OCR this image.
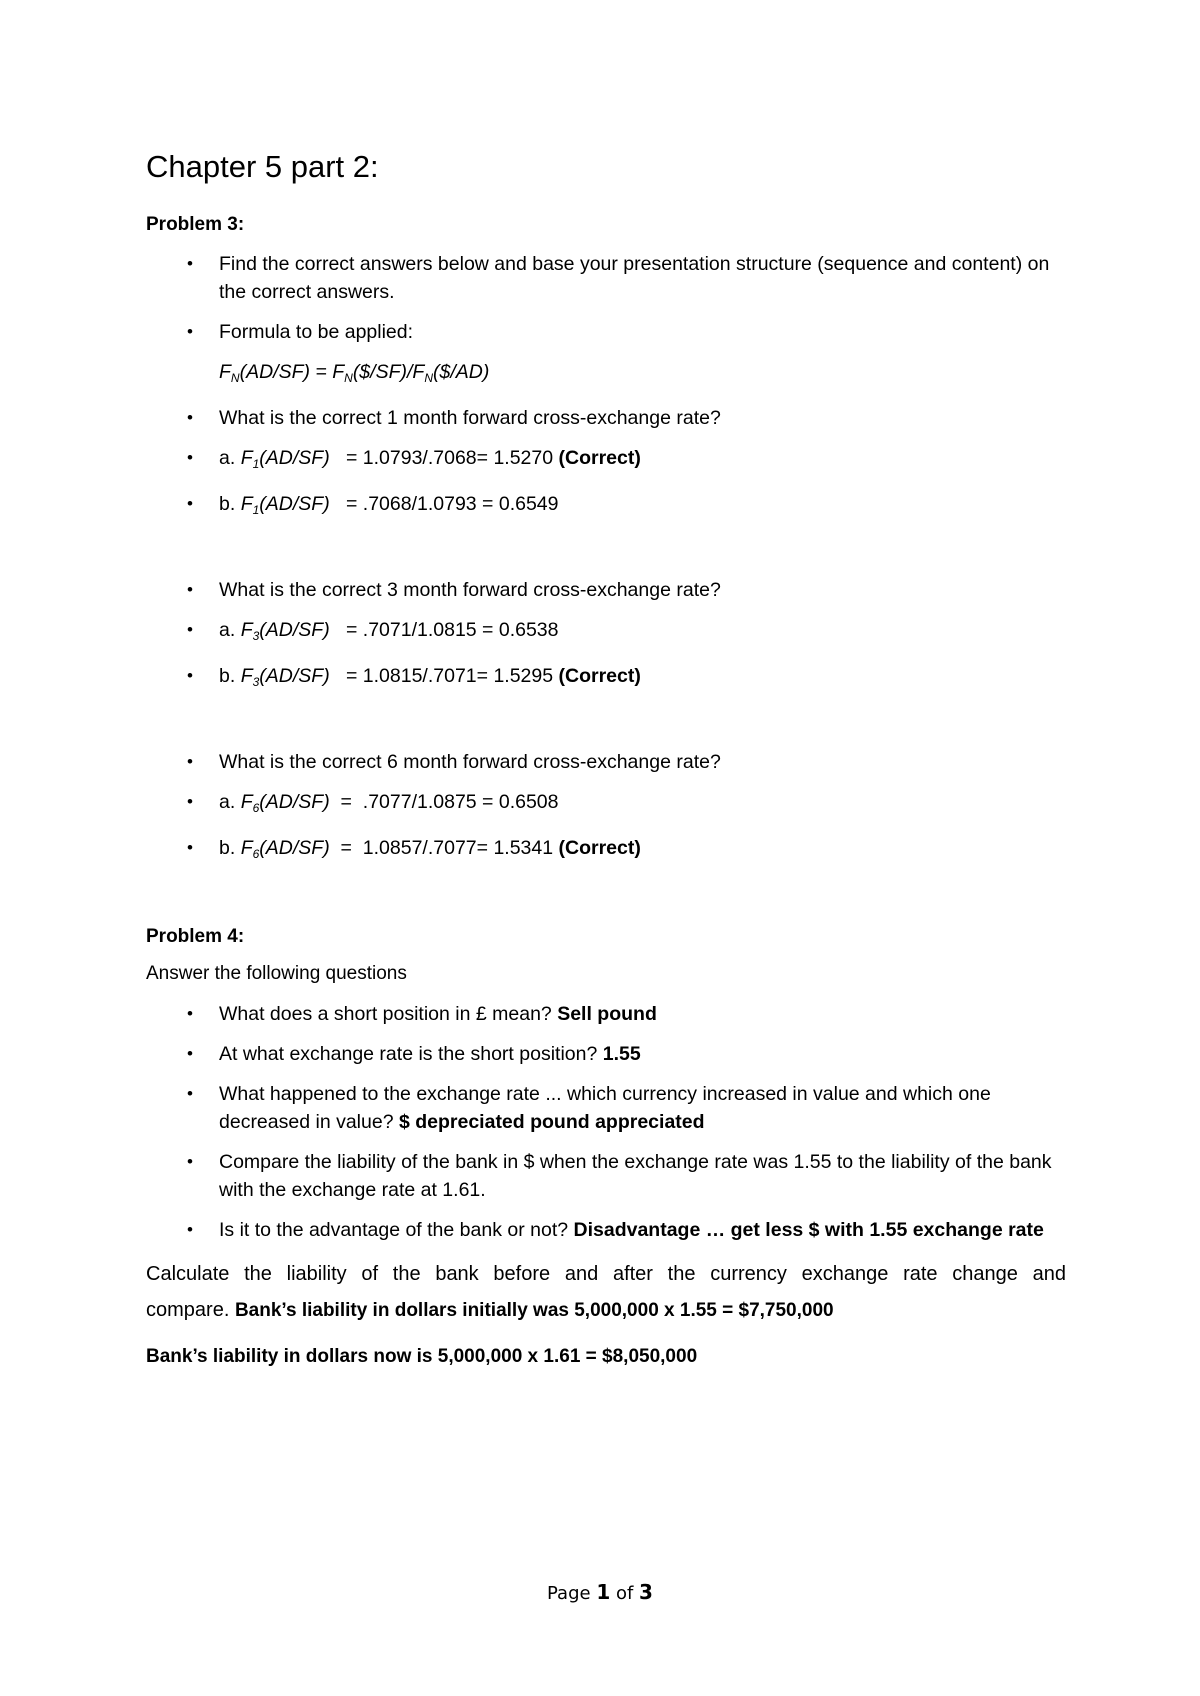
Chapter 5 part 2:

Problem 3:

• Find the correct answers below and base your presentation structure (sequence and content) on the correct answers.
• Formula to be applied:
$F_N(AD/SF)$ = $F_N(\$/SF)/F_N(\$/AD)$
• What is the correct 1 month forward cross-exchange rate?
• a. $F_1(AD/SF) = 1.0793/.7068= 1.5270$ (Correct)
• b. $F_1(AD/SF) = .7068/1.0793 = 0.6549$
• What is the correct 3 month forward cross-exchange rate?
• a. $F_3(AD/SF) = .7071/1.0815 = 0.6538$
• b. $F_3(AD/SF) = 1.0815/.7071= 1.5295$ (Correct)
• What is the correct 6 month forward cross-exchange rate?
• a. $F_6(AD/SF) = .7077/1.0875 = 0.6508$
• b. $F_6(AD/SF) = 1.0857/.7077= 1.5341$ (Correct)

Problem 4:

Answer the following questions

• What does a short position in £ mean? Sell pound
• At what exchange rate is the short position? 1.55
• What happened to the exchange rate ... which currency increased in value and which one decreased in value? $ depreciated pound appreciated
• Compare the liability of the bank in $ when the exchange rate was 1.55 to the liability of the bank with the exchange rate at 1.61.
• Is it to the advantage of the bank or not? Disadvantage … get less $ with 1.55 exchange rate

Calculate the liability of the bank before and after the currency exchange rate change and

compare. Bank’s liability in dollars initially was 5,000,000 x 1.55 = $7,750,000

Bank’s liability in dollars now is 5,000,000 x 1.61 = $8,050,000

Page 1 of 3
